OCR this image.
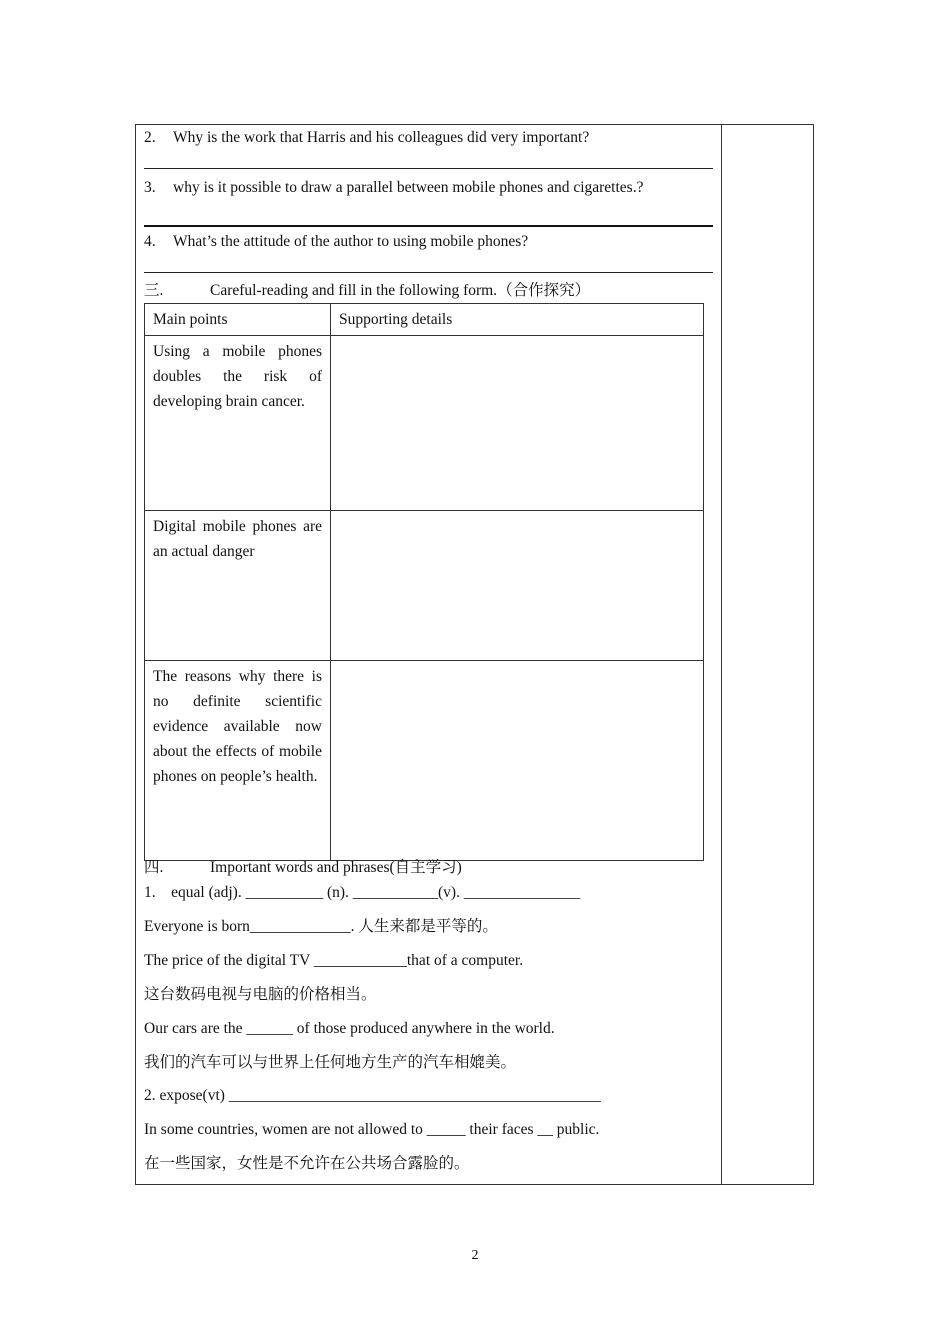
2. Why is the work that Harris and his colleagues did very important?
3. why is it possible to draw a parallel between mobile phones and cigarettes.?
4. What’s the attitude of the author to using mobile phones?
三.	Careful-reading and fill in the following form.（合作探究）
Main points	Supporting details
Using a mobile phones doubles the risk of developing brain cancer.	
Digital mobile phones are an actual danger	
The reasons why there is no definite scientific evidence available now about the effects of mobile phones on people’s health.	
四.	Important words and phrases(自主学习)
1.    equal (adj). __________ (n). ___________(v). _______________
Everyone is born_____________. 人生来都是平等的。
The price of the digital TV ____________that of a computer.
这台数码电视与电脑的价格相当。
Our cars are the ______ of those produced anywhere in the world.
我们的汽车可以与世界上任何地方生产的汽车相媲美。
2. expose(vt) ________________________________________________
In some countries, women are not allowed to _____ their faces __ public.
在一些国家，女性是不允许在公共场合露脸的。
2
